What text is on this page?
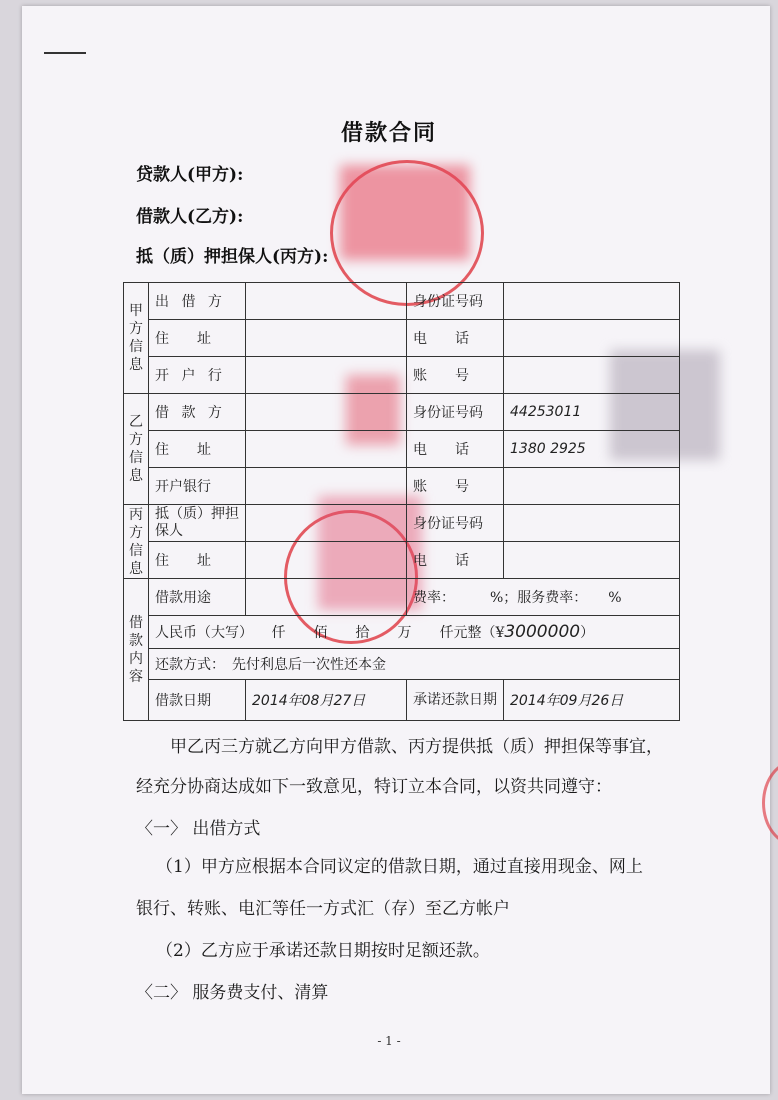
借款合同
贷款人(甲方):
借款人(乙方):
抵（质）押担保人(丙方):
甲方信息	出 借 方		身份证号码	
	住　　址		电　　话	
	开 户 行		账　　号	
乙方信息	借 款 方		身份证号码	44253011
	住　　址		电　　话	1380 2925
	开户银行		账　　号	
丙方信息	抵（质）押担保人		身份证号码	
	住　　址		电　　话	
借款内容	借款用途		费率：　　　%；服务费率：　　%	
	人民币（大写） 仟　　佰　　拾　　万　　仟元整（¥3000000）			
	还款方式：　先付利息后一次性还本金			
	借款日期	2014年08月27日	承诺还款日期	2014年09月26日
甲乙丙三方就乙方向甲方借款、丙方提供抵（质）押担保等事宜，
经充分协商达成如下一致意见，特订立本合同，以资共同遵守：
〈一〉 出借方式
（1）甲方应根据本合同议定的借款日期，通过直接用现金、网上
银行、转账、电汇等任一方式汇（存）至乙方帐户
（2）乙方应于承诺还款日期按时足额还款。
〈二〉 服务费支付、清算
- 1 -
